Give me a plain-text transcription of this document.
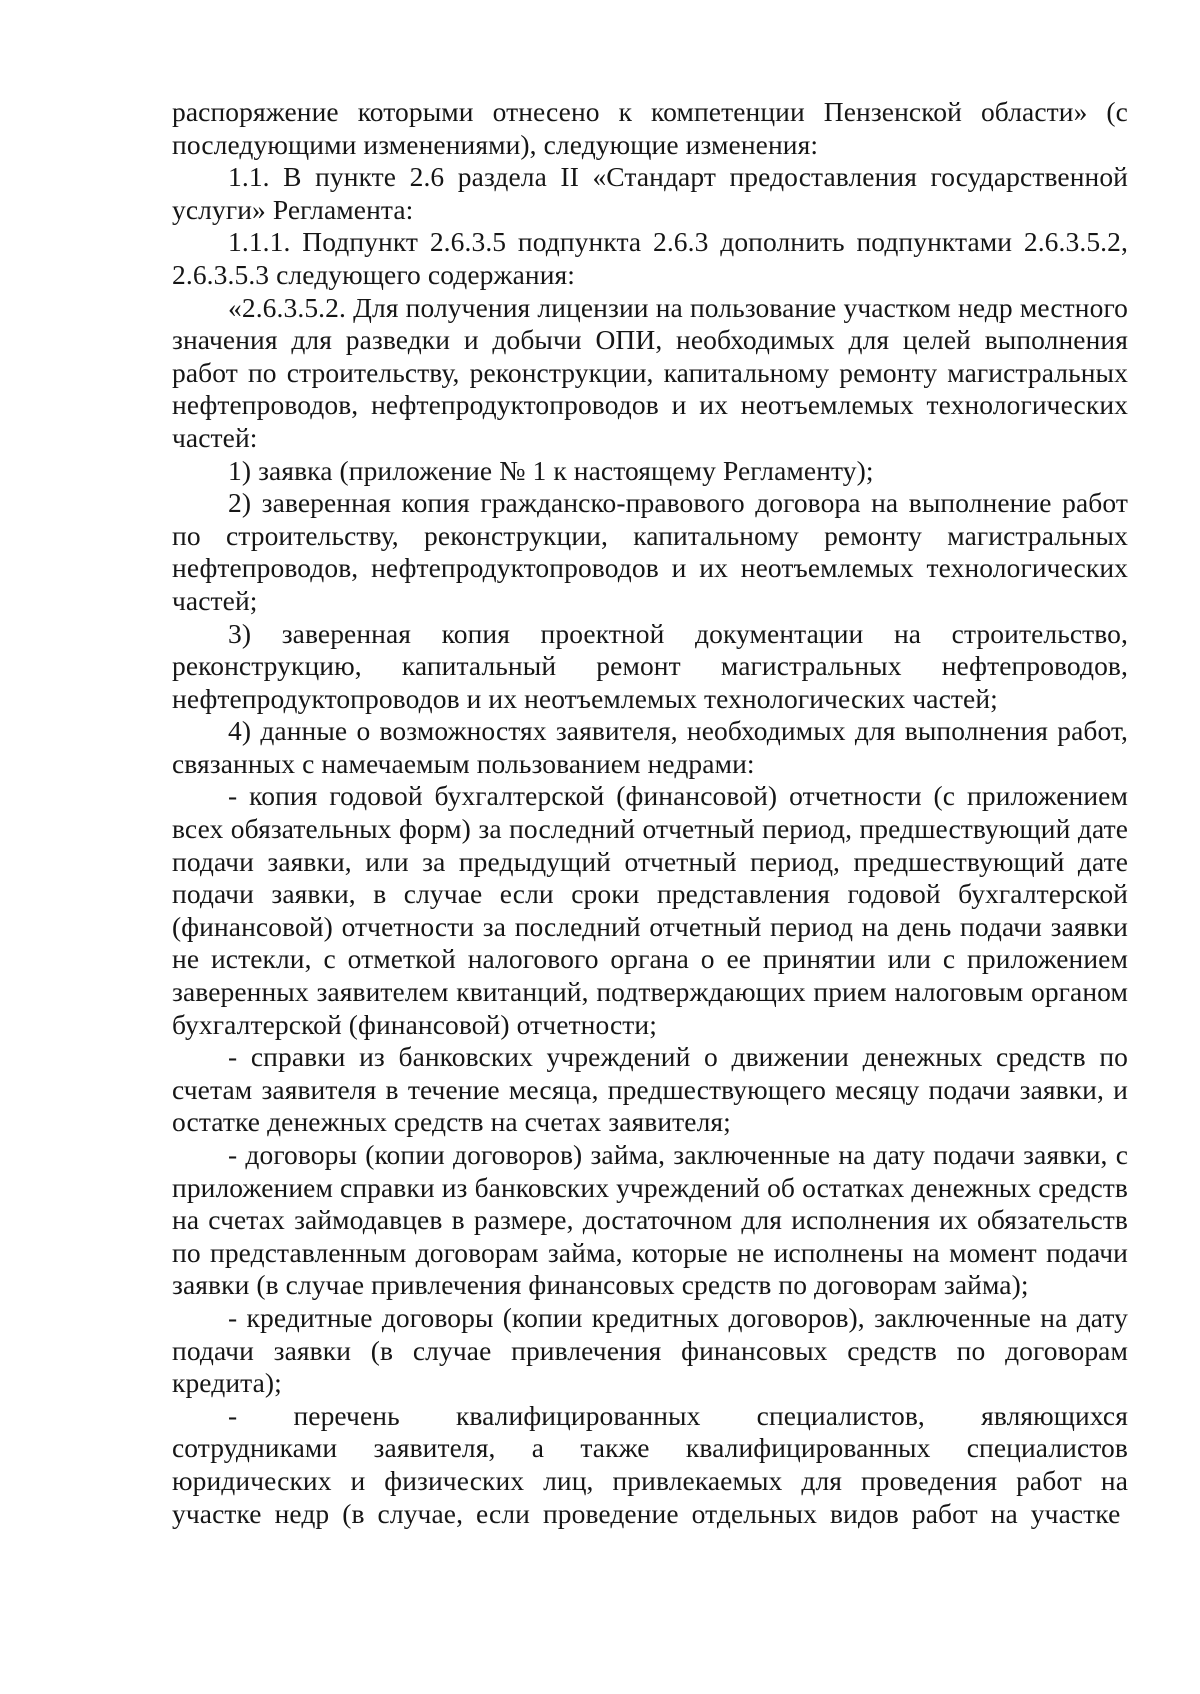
распоряжение которыми отнесено к компетенции Пензенской области» (с последующими изменениями), следующие изменения:

1.1. В пункте 2.6 раздела II «Стандарт предоставления государственной услуги» Регламента:

1.1.1. Подпункт 2.6.3.5 подпункта 2.6.3 дополнить подпунктами 2.6.3.5.2, 2.6.3.5.3 следующего содержания:

«2.6.3.5.2. Для получения лицензии на пользование участком недр местного значения для разведки и добычи ОПИ, необходимых для целей выполнения работ по строительству, реконструкции, капитальному ремонту магистральных нефтепроводов, нефтепродуктопроводов и их неотъемлемых технологических частей:

1) заявка (приложение № 1 к настоящему Регламенту);

2) заверенная копия гражданско-правового договора на выполнение работ по строительству, реконструкции, капитальному ремонту магистральных нефтепроводов, нефтепродуктопроводов и их неотъемлемых технологических частей;

3) заверенная копия проектной документации на строительство, реконструкцию, капитальный ремонт магистральных нефтепроводов, нефтепродуктопроводов и их неотъемлемых технологических частей;

4) данные о возможностях заявителя, необходимых для выполнения работ, связанных с намечаемым пользованием недрами:

- копия годовой бухгалтерской (финансовой) отчетности (с приложением всех обязательных форм) за последний отчетный период, предшествующий дате подачи заявки, или за предыдущий отчетный период, предшествующий дате подачи заявки, в случае если сроки представления годовой бухгалтерской (финансовой) отчетности за последний отчетный период на день подачи заявки не истекли, с отметкой налогового органа о ее принятии или с приложением заверенных заявителем квитанций, подтверждающих прием налоговым органом бухгалтерской (финансовой) отчетности;

- справки из банковских учреждений о движении денежных средств по счетам заявителя в течение месяца, предшествующего месяцу подачи заявки, и остатке денежных средств на счетах заявителя;

- договоры (копии договоров) займа, заключенные на дату подачи заявки, с приложением справки из банковских учреждений об остатках денежных средств на счетах займодавцев в размере, достаточном для исполнения их обязательств по представленным договорам займа, которые не исполнены на момент подачи заявки (в случае привлечения финансовых средств по договорам займа);

- кредитные договоры (копии кредитных договоров), заключенные на дату подачи заявки (в случае привлечения финансовых средств по договорам кредита);

- перечень квалифицированных специалистов, являющихся сотрудниками заявителя, а также квалифицированных специалистов юридических и физических лиц, привлекаемых для проведения работ на участке недр (в случае, если проведение отдельных видов работ на участке
